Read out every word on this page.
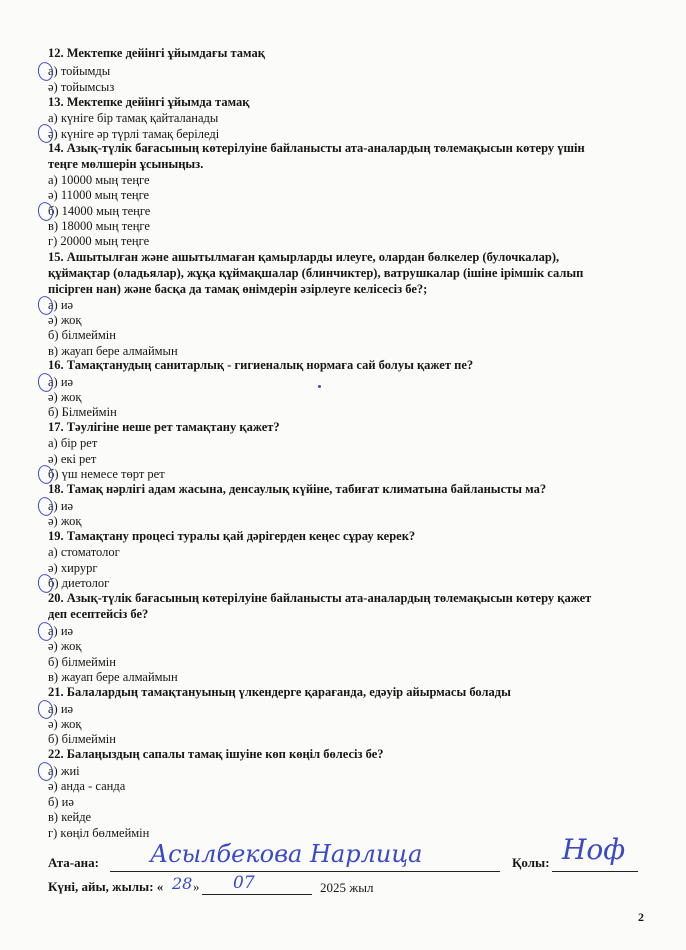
12. Мектепке дейінгі ұйымдағы тамақ
а) тойымды
ә) тойымсыз
13. Мектепке дейінгі ұйымда тамақ
а) күніге бір тамақ қайталанады
ә) күніге әр түрлі тамақ беріледі
14. Азық-түлік бағасының көтерілуіне байланысты ата-аналардың төлемақысын көтеру үшін
теңге мөлшерін ұсыныңыз.
а) 10000 мың теңге
ә) 11000 мың теңге
б) 14000 мың теңге
в) 18000 мың теңге
г) 20000 мың теңге
15. Ашытылған және ашытылмаған қамырларды илеуге, олардан бөлкелер (булочкалар),
құймақтар (оладьялар), жұқа құймақшалар (блинчиктер), ватрушкалар (ішіне ірімшік салып
пісірген нан) және басқа да тамақ өнімдерін әзірлеуге келісесіз бе?;
а) иә
ә) жоқ
б) білмеймін
в) жауап бере алмаймын
16. Тамақтанудың санитарлық - гигиеналық нормаға сай болуы қажет пе?
а) иә
ә) жоқ
б) Білмеймін
17. Тәулігіне неше рет тамақтану қажет?
а) бір рет
ә) екі рет
б) үш немесе төрт рет
18. Тамақ нәрлігі адам жасына, денсаулық күйіне, табиғат климатына байланысты ма?
а) иә
ә) жоқ
19. Тамақтану процесі туралы қай дәрігерден кеңес сұрау керек?
а) стоматолог
ә) хирург
б) диетолог
20. Азық-түлік бағасының көтерілуіне байланысты ата-аналардың төлемақысын көтеру қажет
деп есептейсіз бе?
а) иә
ә) жоқ
б) білмеймін
в) жауап бере алмаймын
21. Балалардың тамақтануының үлкендерге қарағанда, едәуір айырмасы болады
а) иә
ә) жоқ
б) білмеймін
22. Балаңыздың сапалы тамақ ішуіне көп көңіл бөлесіз бе?
а) жиі
ә) анда - санда
б) иә
в) кейде
г) көңіл бөлмеймін
Ата-ана: Асылбекова Нарлица	Қолы: Ноф
Күні, айы, жылы: « 28 » 07	2025 жыл
2
